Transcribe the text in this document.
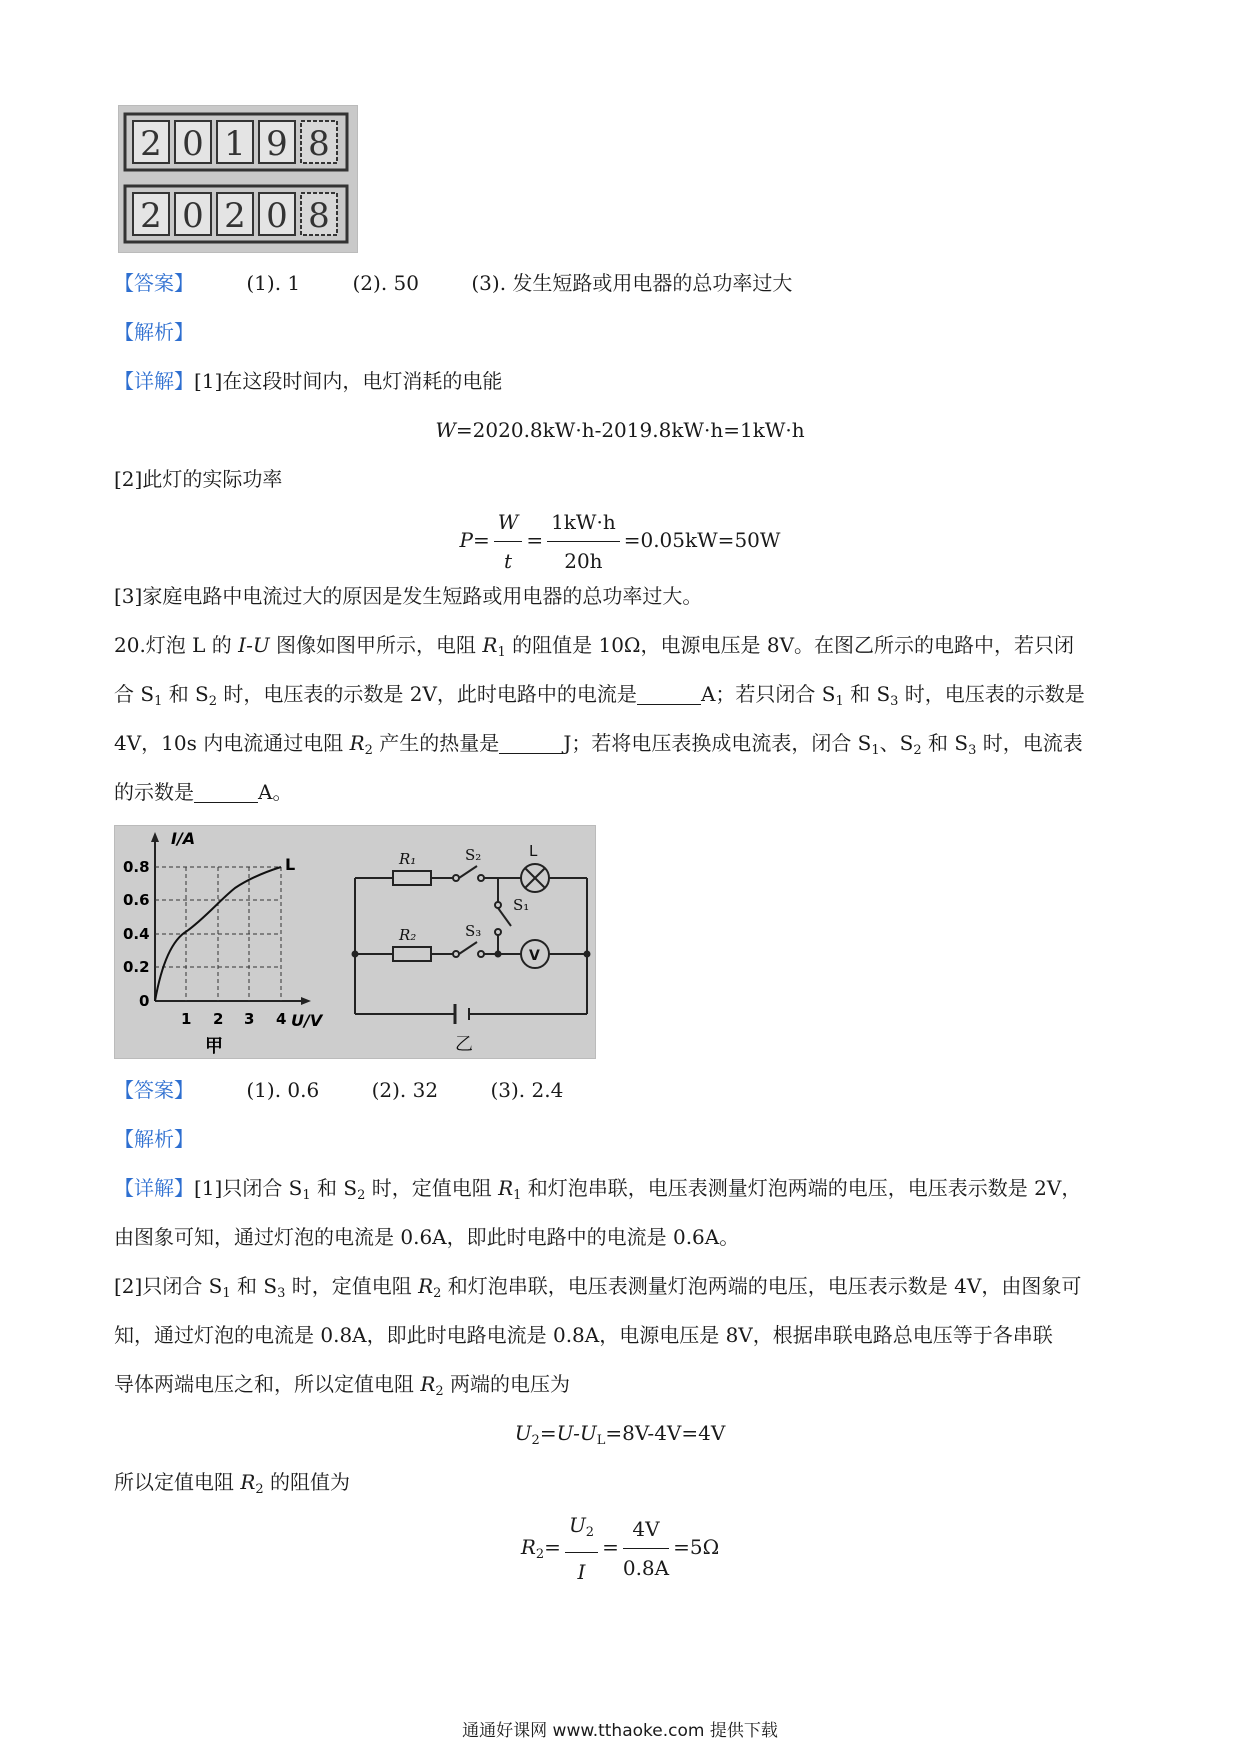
2 0 1 9 8
2 0 2 0 8
【答案】	(1). 1	(2). 50	(3). 发生短路或用电器的总功率过大
【解析】
【详解】[1]在这段时间内，电灯消耗的电能
W=2020.8kW·h-2019.8kW·h=1kW·h
[2]此灯的实际功率
$P= \frac{W}{t} = \frac{1kW\cdot h}{20h} =0.05kW=50W$
[3]家庭电路中电流过大的原因是发生短路或用电器的总功率过大。
20.灯泡 L 的 I-U 图像如图甲所示，电阻 $R_1$ 的阻值是 10Ω，电源电压是 8V。在图乙所示的电路中，若只闭
合 $S_1$ 和 $S_2$ 时，电压表的示数是 2V，此时电路中的电流是	A；若只闭合 $S_1$ 和 $S_3$ 时，电压表的示数是
4V，10s 内电流通过电阻 $R_2$ 产生的热量是	J；若将电压表换成电流表，闭合 $S_1$、$S_2$ 和 $S_3$ 时，电流表
的示数是	A。
I/A
U/V
L
0.8
0.6
0.4
0.2
0
1 2 3 4
甲
R₁	S₂	L
S₁
R₂	S₃
V
乙
【答案】	(1). 0.6	(2). 32	(3). 2.4
【解析】
【详解】[1]只闭合 $S_1$ 和 $S_2$ 时，定值电阻 $R_1$ 和灯泡串联，电压表测量灯泡两端的电压，电压表示数是 2V，
由图象可知，通过灯泡的电流是 0.6A，即此时电路中的电流是 0.6A。
[2]只闭合 $S_1$ 和 $S_3$ 时，定值电阻 $R_2$ 和灯泡串联，电压表测量灯泡两端的电压，电压表示数是 4V，由图象可
知，通过灯泡的电流是 0.8A，即此时电路电流是 0.8A，电源电压是 8V，根据串联电路总电压等于各串联
导体两端电压之和，所以定值电阻 $R_2$ 两端的电压为
$U_2=U-U_L=8V-4V=4V$
所以定值电阻 $R_2$ 的阻值为
$R_2= \frac{U_2}{I} = \frac{4V}{0.8A} =5\Omega$
通通好课网 www.tthaoke.com 提供下载
